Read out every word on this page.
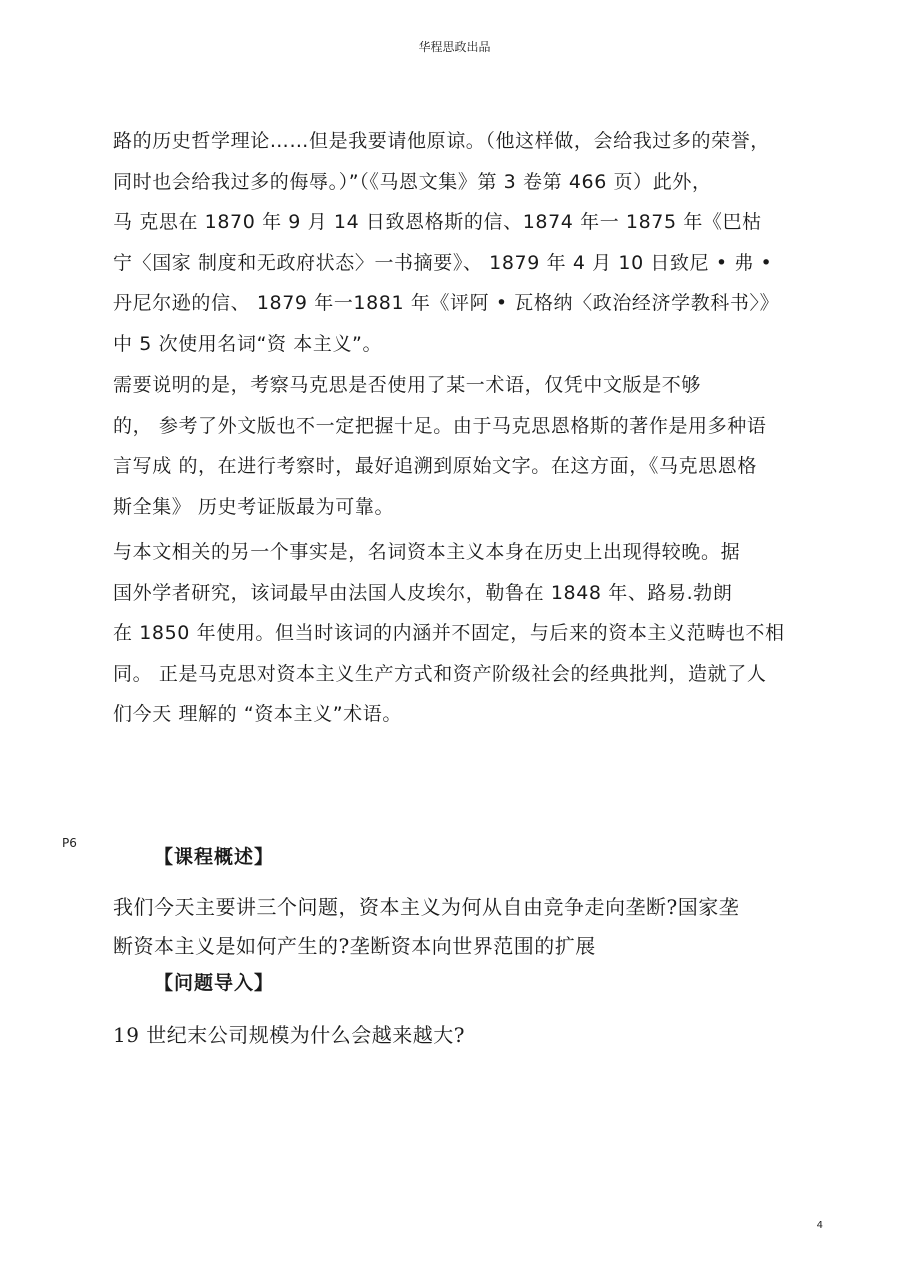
华程思政出品
路的历史哲学理论……但是我要请他原谅。（他这样做，会给我过多的荣誉，
同时也会给我过多的侮辱。）”（《马恩文集》第 3 卷第 466 页）此外，
马 克思在 1870 年 9 月 14 日致恩格斯的信、1874 年一 1875 年《巴枯
宁〈国家 制度和无政府状态〉一书摘要》、 1879 年 4 月 10 日致尼 • 弗 •
丹尼尔逊的信、 1879 年一1881 年《评阿 • 瓦格纳〈政治经济学教科书〉》
中 5 次使用名词“资 本主义”。
需要说明的是，考察马克思是否使用了某一术语，仅凭中文版是不够
的， 参考了外文版也不一定把握十足。由于马克思恩格斯的著作是用多种语
言写成 的，在进行考察时，最好追溯到原始文字。在这方面，《马克思恩格
斯全集》 历史考证版最为可靠。
与本文相关的另一个事实是，名词资本主义本身在历史上出现得较晚。据
国外学者研究，该词最早由法国人皮埃尔，勒鲁在 1848 年、路易.勃朗
在 1850 年使用。但当时该词的内涵并不固定，与后来的资本主义范畴也不相
同。 正是马克思对资本主义生产方式和资产阶级社会的经典批判，造就了人
们今天 理解的 “资本主义”术语。
P6
【课程概述】
我们今天主要讲三个问题，资本主义为何从自由竞争走向垄断?国家垄
断资本主义是如何产生的?垄断资本向世界范围的扩展
【问题导入】
19 世纪末公司规模为什么会越来越大?
4
